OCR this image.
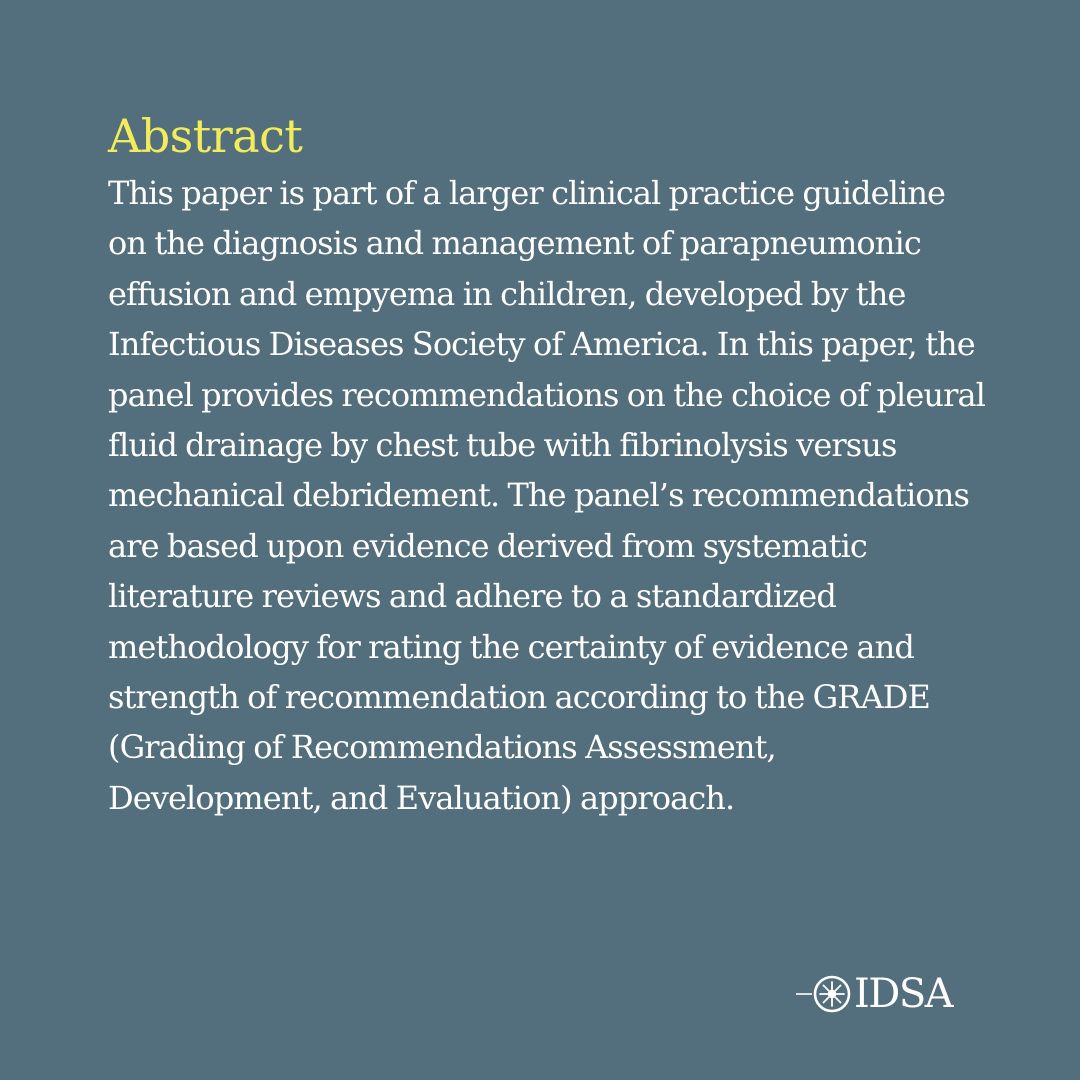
Abstract

This paper is part of a larger clinical practice guideline on the diagnosis and management of parapneumonic effusion and empyema in children, developed by the Infectious Diseases Society of America. In this paper, the panel provides recommendations on the choice of pleural fluid drainage by chest tube with fibrinolysis versus mechanical debridement. The panel’s recommendations are based upon evidence derived from systematic literature reviews and adhere to a standardized methodology for rating the certainty of evidence and strength of recommendation according to the GRADE (Grading of Recommendations Assessment, Development, and Evaluation) approach.

IDSA
